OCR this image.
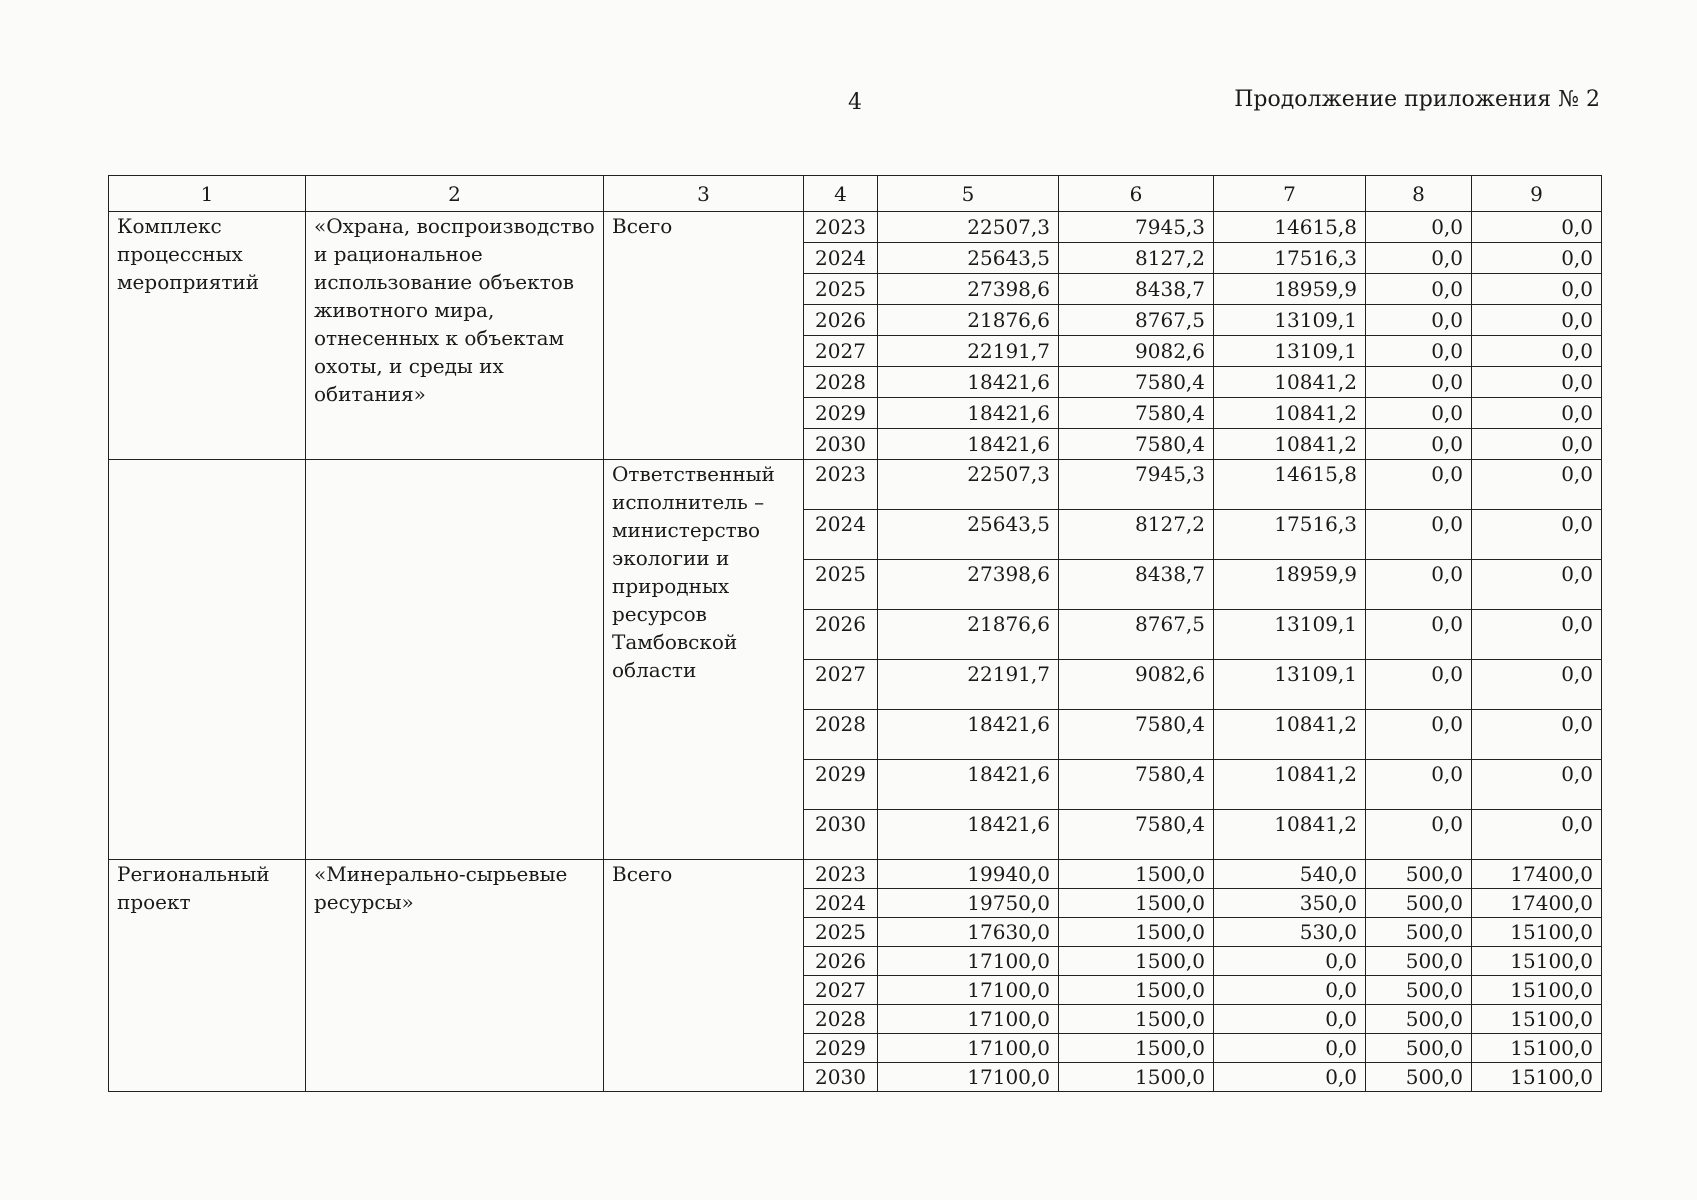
4	Продолжение приложения № 2
1	2	3	4	5	6	7	8	9
Комплекс процессных мероприятий	«Охрана, воспроизводство и рациональное использование объектов животного мира, отнесенных к объектам охоты, и среды их обитания»	Всего	2023	22507,3	7945,3	14615,8	0,0	0,0
			2024	25643,5	8127,2	17516,3	0,0	0,0
			2025	27398,6	8438,7	18959,9	0,0	0,0
			2026	21876,6	8767,5	13109,1	0,0	0,0
			2027	22191,7	9082,6	13109,1	0,0	0,0
			2028	18421,6	7580,4	10841,2	0,0	0,0
			2029	18421,6	7580,4	10841,2	0,0	0,0
			2030	18421,6	7580,4	10841,2	0,0	0,0
		Ответственный исполнитель – министерство экологии и природных ресурсов Тамбовской области	2023	22507,3	7945,3	14615,8	0,0	0,0
			2024	25643,5	8127,2	17516,3	0,0	0,0
			2025	27398,6	8438,7	18959,9	0,0	0,0
			2026	21876,6	8767,5	13109,1	0,0	0,0
			2027	22191,7	9082,6	13109,1	0,0	0,0
			2028	18421,6	7580,4	10841,2	0,0	0,0
			2029	18421,6	7580,4	10841,2	0,0	0,0
			2030	18421,6	7580,4	10841,2	0,0	0,0
Региональный проект	«Минерально-сырьевые ресурсы»	Всего	2023	19940,0	1500,0	540,0	500,0	17400,0
			2024	19750,0	1500,0	350,0	500,0	17400,0
			2025	17630,0	1500,0	530,0	500,0	15100,0
			2026	17100,0	1500,0	0,0	500,0	15100,0
			2027	17100,0	1500,0	0,0	500,0	15100,0
			2028	17100,0	1500,0	0,0	500,0	15100,0
			2029	17100,0	1500,0	0,0	500,0	15100,0
			2030	17100,0	1500,0	0,0	500,0	15100,0
